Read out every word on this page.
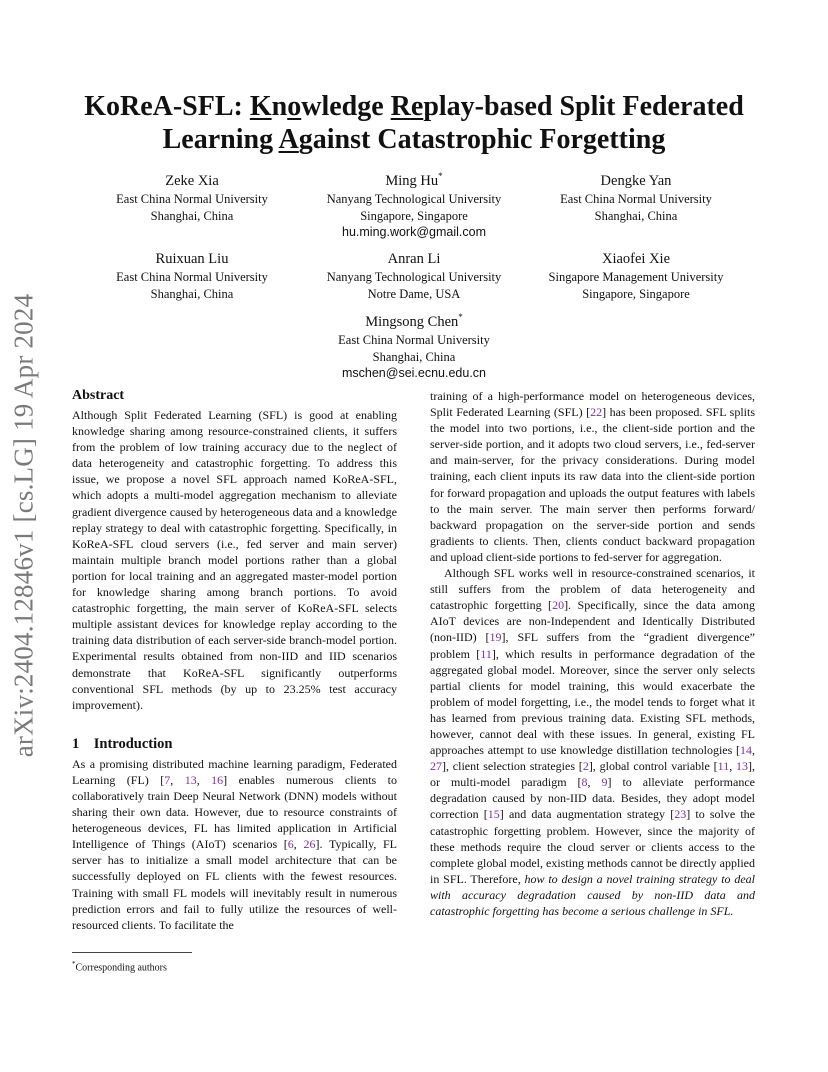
arXiv:2404.12846v1 [cs.LG] 19 Apr 2024
KoReA-SFL: Knowledge Replay-based Split Federated
Learning Against Catastrophic Forgetting
Zeke Xia
East China Normal University
Shanghai, China
Ming Hu*
Nanyang Technological University
Singapore, Singapore
hu.ming.work@gmail.com
Dengke Yan
East China Normal University
Shanghai, China
Ruixuan Liu
East China Normal University
Shanghai, China
Anran Li
Nanyang Technological University
Notre Dame, USA
Xiaofei Xie
Singapore Management University
Singapore, Singapore
Mingsong Chen*
East China Normal University
Shanghai, China
mschen@sei.ecnu.edu.cn
Abstract

Although Split Federated Learning (SFL) is good at enabling knowledge sharing among resource-constrained clients, it suffers from the problem of low training accuracy due to the neglect of data heterogeneity and catastrophic forgetting. To address this issue, we propose a novel SFL approach named KoReA-SFL, which adopts a multi-model aggregation mechanism to alleviate gradient divergence caused by heterogeneous data and a knowledge replay strategy to deal with catastrophic forgetting. Specifically, in KoReA-SFL cloud servers (i.e., fed server and main server) maintain multiple branch model portions rather than a global portion for local training and an aggregated master-model portion for knowledge sharing among branch portions. To avoid catastrophic forgetting, the main server of KoReA-SFL selects multiple assistant devices for knowledge replay according to the training data distribution of each server-side branch-model portion. Experimental results obtained from non-IID and IID scenarios demonstrate that KoReA-SFL significantly outperforms conventional SFL methods (by up to 23.25% test accuracy improvement).

1 Introduction

As a promising distributed machine learning paradigm, Federated Learning (FL) [7, 13, 16] enables numerous clients to collaboratively train Deep Neural Network (DNN) models without sharing their own data. However, due to resource constraints of heterogeneous devices, FL has limited application in Artificial Intelligence of Things (AIoT) scenarios [6, 26]. Typically, FL server has to initialize a small model architecture that can be successfully deployed on FL clients with the fewest resources. Training with small FL models will inevitably result in numerous prediction errors and fail to fully utilize the resources of well-resourced clients. To facilitate the

training of a high-performance model on heterogeneous devices, Split Federated Learning (SFL) [22] has been proposed. SFL splits the model into two portions, i.e., the client-side portion and the server-side portion, and it adopts two cloud servers, i.e., fed-server and main-server, for the privacy considerations. During model training, each client inputs its raw data into the client-side portion for forward propagation and uploads the output features with labels to the main server. The main server then performs forward/ backward propagation on the server-side portion and sends gradients to clients. Then, clients conduct backward propagation and upload client-side portions to fed-server for aggregation.

Although SFL works well in resource-constrained scenarios, it still suffers from the problem of data heterogeneity and catastrophic forgetting [20]. Specifically, since the data among AIoT devices are non-Independent and Identically Distributed (non-IID) [19], SFL suffers from the “gradient divergence” problem [11], which results in performance degradation of the aggregated global model. Moreover, since the server only selects partial clients for model training, this would exacerbate the problem of model forgetting, i.e., the model tends to forget what it has learned from previous training data. Existing SFL methods, however, cannot deal with these issues. In general, existing FL approaches attempt to use knowledge distillation technologies [14, 27], client selection strategies [2], global control variable [11, 13], or multi-model paradigm [8, 9] to alleviate performance degradation caused by non-IID data. Besides, they adopt model correction [15] and data augmentation strategy [23] to solve the catastrophic forgetting problem. However, since the majority of these methods require the cloud server or clients access to the complete global model, existing methods cannot be directly applied in SFL. Therefore, how to design a novel training strategy to deal with accuracy degradation caused by non-IID data and catastrophic forgetting has become a serious challenge in SFL.

*Corresponding authors
